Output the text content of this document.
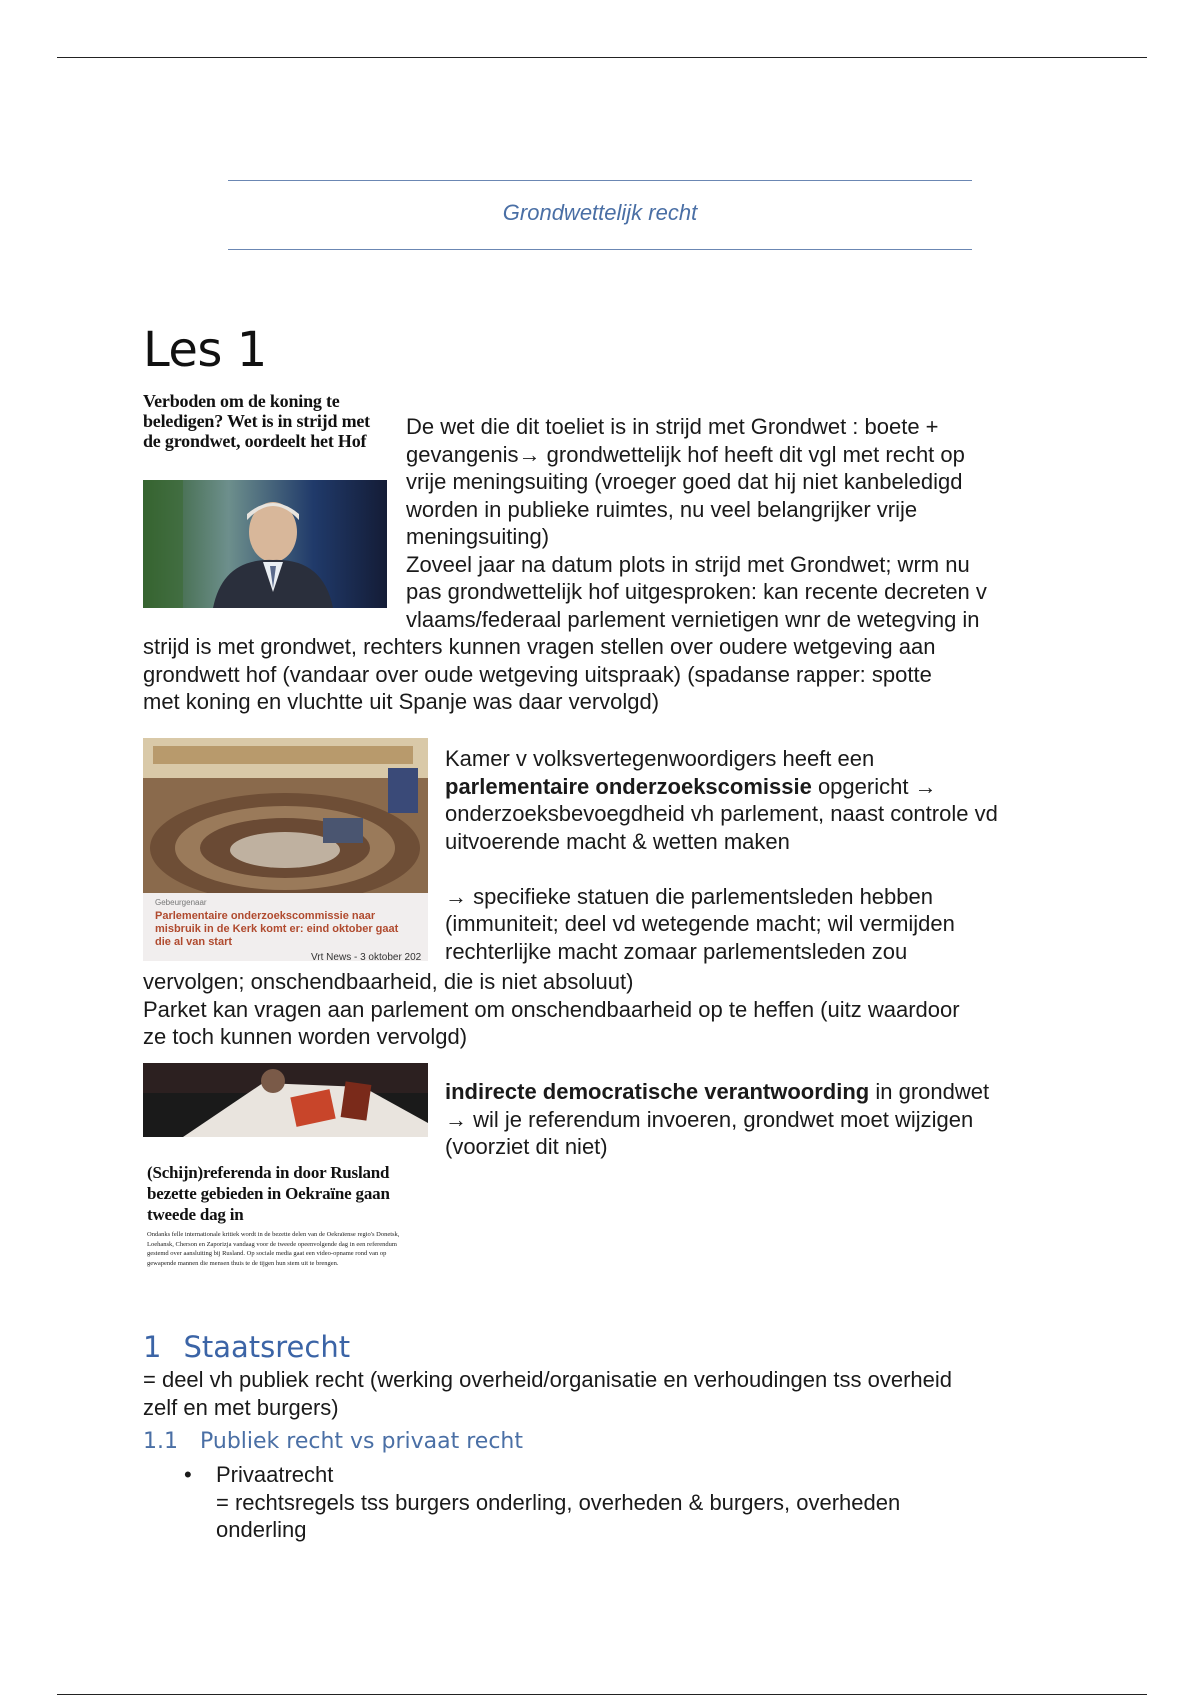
Grondwettelijk recht
Les 1
Verboden om de koning te beledigen? Wet is in strijd met de grondwet, oordeelt het Hof
De wet die dit toeliet is in strijd met Grondwet : boete +
gevangenis→ grondwettelijk hof heeft dit vgl met recht op
vrije meningsuiting (vroeger goed dat hij niet kanbeledigd
worden in publieke ruimtes, nu veel belangrijker vrije
meningsuiting)
Zoveel jaar na datum plots in strijd met Grondwet; wrm nu
pas grondwettelijk hof uitgesproken: kan recente decreten v
vlaams/federaal parlement vernietigen wnr de wetegving in
strijd is met grondwet, rechters kunnen vragen stellen over oudere wetgeving aan
grondwett hof (vandaar over oude wetgeving uitspraak) (spadanse rapper: spotte
met koning en vluchtte uit Spanje was daar vervolgd)
Gebeurgenaar
Parlementaire onderzoekscommissie naar misbruik in de Kerk komt er: eind oktober gaat die al van start
Vrt News - 3 oktober 202
Kamer v volksvertegenwoordigers heeft een
parlementaire onderzoekscomissie opgericht →
onderzoeksbevoegdheid vh parlement, naast controle vd
uitvoerende macht & wetten maken
→ specifieke statuen die parlementsleden hebben
(immuniteit; deel vd wetegende macht; wil vermijden
rechterlijke macht zomaar parlementsleden zou
vervolgen; onschendbaarheid, die is niet absoluut)
Parket kan vragen aan parlement om onschendbaarheid op te heffen (uitz waardoor
ze toch kunnen worden vervolgd)
(Schijn)referenda in door Rusland bezette gebieden in Oekraïne gaan tweede dag in
Ondanks felle internationale kritiek wordt in de bezette delen van de Oekraïense regio's Donetsk, Loehansk, Cherson en Zaporizja vandaag voor de tweede opeenvolgende dag in een referendum gestemd over aansluiting bij Rusland. Op sociale media gaat een video-opname rond van op gewapende mannen die mensen thuis te de tijgen hun stem uit te brengen.
indirecte democratische verantwoording in grondwet
→ wil je referendum invoeren, grondwet moet wijzigen
(voorziet dit niet)
1 Staatsrecht
= deel vh publiek recht (werking overheid/organisatie en verhoudingen tss overheid
zelf en met burgers)
1.1 Publiek recht vs privaat recht
• Privaatrecht
= rechtsregels tss burgers onderling, overheden & burgers, overheden
onderling
